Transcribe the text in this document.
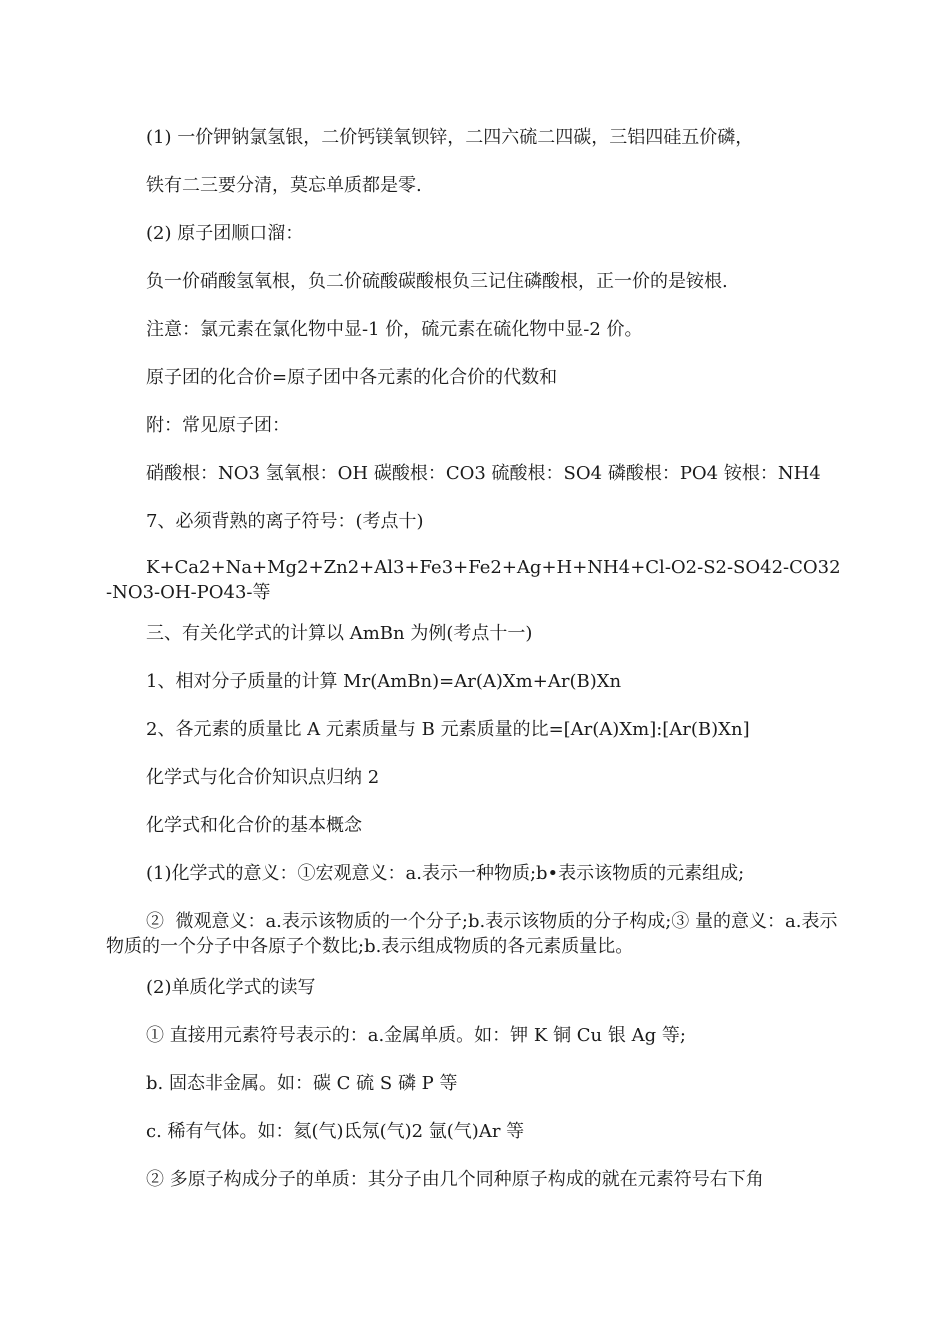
(1) 一价钾钠氯氢银，二价钙镁氧钡锌，二四六硫二四碳，三铝四硅五价磷，
铁有二三要分清，莫忘单质都是零.
(2) 原子团顺口溜：
负一价硝酸氢氧根，负二价硫酸碳酸根负三记住磷酸根，正一价的是铵根.
注意：氯元素在氯化物中显-1 价，硫元素在硫化物中显-2 价。
原子团的化合价=原子团中各元素的化合价的代数和
附：常见原子团：
硝酸根：NO3 氢氧根：OH 碳酸根：CO3 硫酸根：SO4 磷酸根：PO4 铵根：NH4
7、必须背熟的离子符号：(考点十)
K+Ca2+Na+Mg2+Zn2+Al3+Fe3+Fe2+Ag+H+NH4+Cl-O2-S2-SO42-CO32-NO3-OH-PO43-等
三、有关化学式的计算以 AmBn 为例(考点十一)
1、相对分子质量的计算 Mr(AmBn)=Ar(A)Xm+Ar(B)Xn
2、各元素的质量比 A 元素质量与 B 元素质量的比=[Ar(A)Xm]:[Ar(B)Xn]
化学式与化合价知识点归纳 2
化学式和化合价的基本概念
(1)化学式的意义：①宏观意义：a.表示一种物质;b•表示该物质的元素组成;
②  微观意义：a.表示该物质的一个分子;b.表示该物质的分子构成;③ 量的意义：a.表示物质的一个分子中各原子个数比;b.表示组成物质的各元素质量比。
(2)单质化学式的读写
① 直接用元素符号表示的：a.金属单质。如：钾 K 铜 Cu 银 Ag 等;
b. 固态非金属。如：碳 C 硫 S 磷 P 等
c. 稀有气体。如：氦(气)氐氖(气)2 氩(气)Ar 等
② 多原子构成分子的单质：其分子由几个同种原子构成的就在元素符号右下角
